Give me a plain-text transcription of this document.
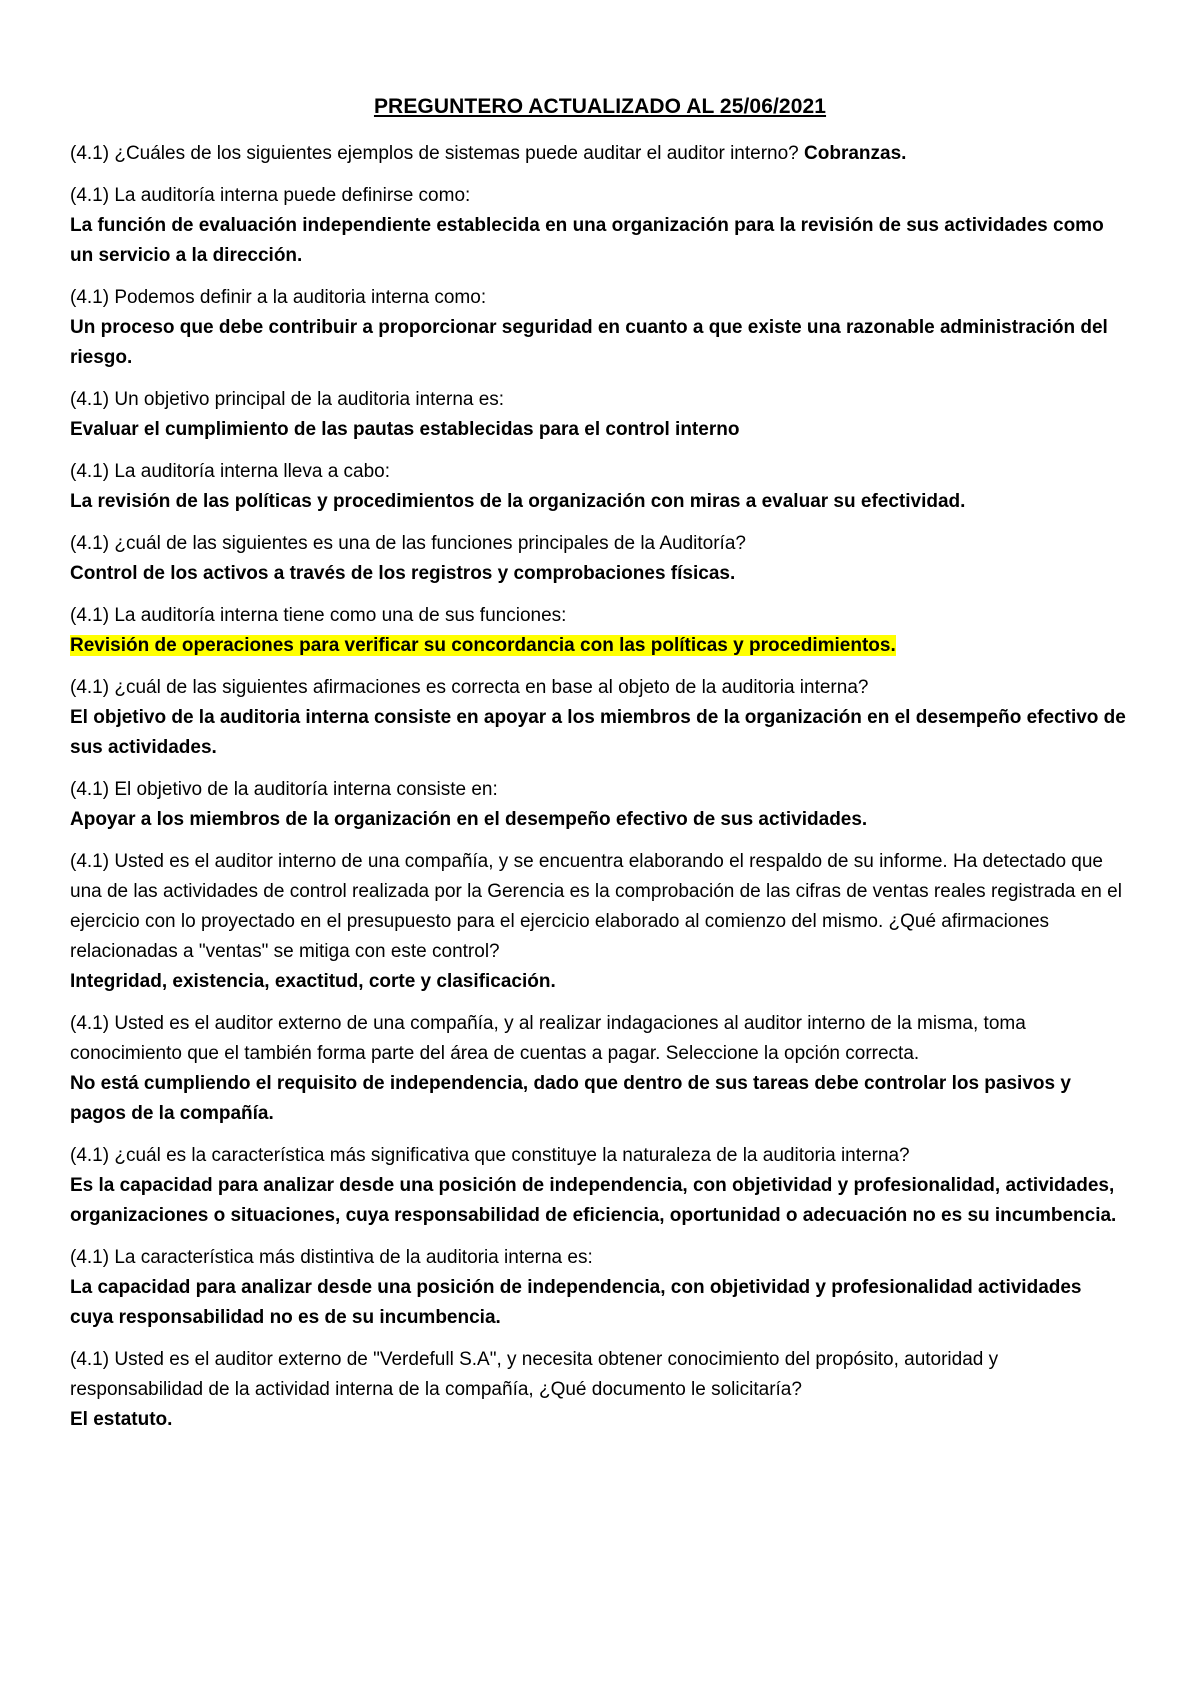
PREGUNTERO ACTUALIZADO AL 25/06/2021
(4.1) ¿Cuáles de los siguientes ejemplos de sistemas puede auditar el auditor interno? Cobranzas.
(4.1) La auditoría interna puede definirse como:
La función de evaluación independiente establecida en una organización para la revisión de sus actividades como un servicio a la dirección.
(4.1) Podemos definir a la auditoria interna como:
Un proceso que debe contribuir a proporcionar seguridad en cuanto a que existe una razonable administración del riesgo.
(4.1) Un objetivo principal de la auditoria interna es:
Evaluar el cumplimiento de las pautas establecidas para el control interno
(4.1) La auditoría interna lleva a cabo:
La revisión de las políticas y procedimientos de la organización con miras a evaluar su efectividad.
(4.1) ¿cuál de las siguientes es una de las funciones principales de la Auditoría?
Control de los activos a través de los registros y comprobaciones físicas.
(4.1) La auditoría interna tiene como una de sus funciones:
Revisión de operaciones para verificar su concordancia con las políticas y procedimientos.
(4.1) ¿cuál de las siguientes afirmaciones es correcta en base al objeto de la auditoria interna?
El objetivo de la auditoria interna consiste en apoyar a los miembros de la organización en el desempeño efectivo de sus actividades.
(4.1) El objetivo de la auditoría interna consiste en:
Apoyar a los miembros de la organización en el desempeño efectivo de sus actividades.
(4.1) Usted es el auditor interno de una compañía, y se encuentra elaborando el respaldo de su informe. Ha detectado que una de las actividades de control realizada por la Gerencia es la comprobación de las cifras de ventas reales registrada en el ejercicio con lo proyectado en el presupuesto para el ejercicio elaborado al comienzo del mismo. ¿Qué afirmaciones relacionadas a "ventas" se mitiga con este control?
Integridad, existencia, exactitud, corte y clasificación.
(4.1) Usted es el auditor externo de una compañía, y al realizar indagaciones al auditor interno de la misma, toma conocimiento que el también forma parte del área de cuentas a pagar. Seleccione la opción correcta.
No está cumpliendo el requisito de independencia, dado que dentro de sus tareas debe controlar los pasivos y pagos de la compañía.
(4.1) ¿cuál es la característica más significativa que constituye la naturaleza de la auditoria interna?
Es la capacidad para analizar desde una posición de independencia, con objetividad y profesionalidad, actividades, organizaciones o situaciones, cuya responsabilidad de eficiencia, oportunidad o adecuación no es su incumbencia.
(4.1) La característica más distintiva de la auditoria interna es:
La capacidad para analizar desde una posición de independencia, con objetividad y profesionalidad actividades cuya responsabilidad no es de su incumbencia.
(4.1) Usted es el auditor externo de "Verdefull S.A", y necesita obtener conocimiento del propósito, autoridad y responsabilidad de la actividad interna de la compañía, ¿Qué documento le solicitaría?
El estatuto.
